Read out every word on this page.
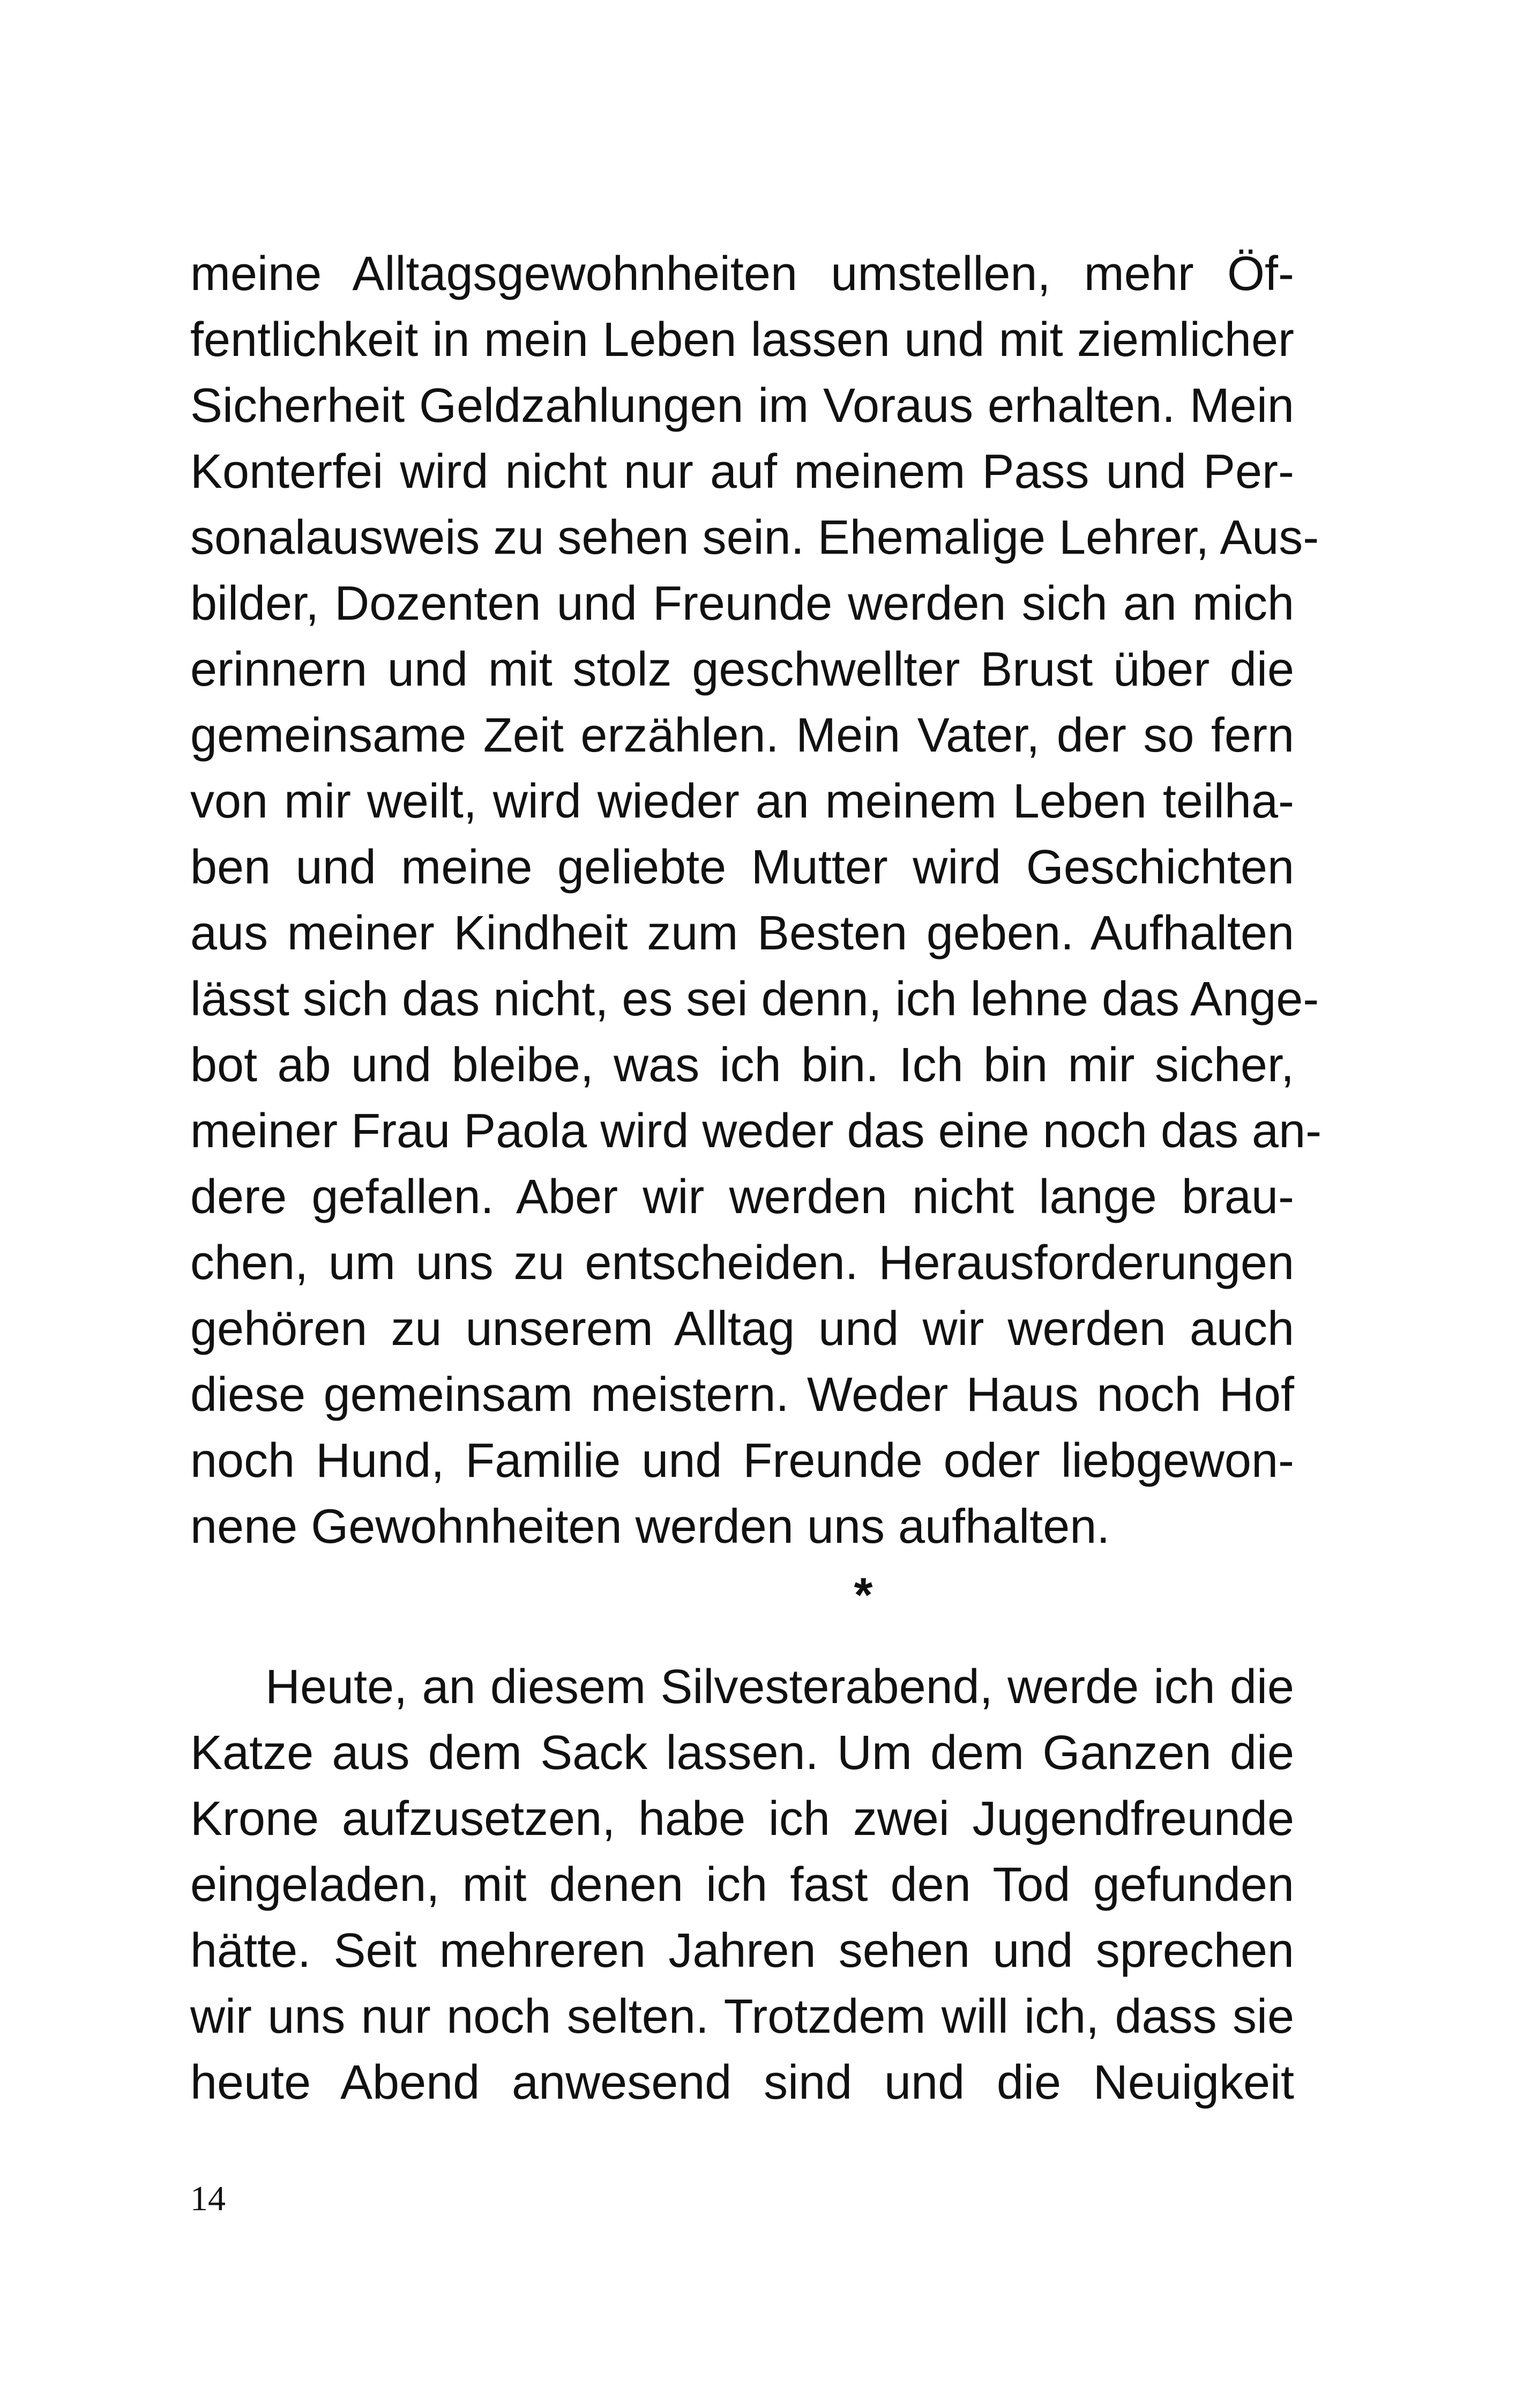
meine Alltagsgewohnheiten umstellen, mehr Öf-
fentlichkeit in mein Leben lassen und mit ziemlicher
Sicherheit Geldzahlungen im Voraus erhalten. Mein
Konterfei wird nicht nur auf meinem Pass und Per-
sonalausweis zu sehen sein. Ehemalige Lehrer, Aus-
bilder, Dozenten und Freunde werden sich an mich
erinnern und mit stolz geschwellter Brust über die
gemeinsame Zeit erzählen. Mein Vater, der so fern
von mir weilt, wird wieder an meinem Leben teilha-
ben und meine geliebte Mutter wird Geschichten
aus meiner Kindheit zum Besten geben. Aufhalten
lässt sich das nicht, es sei denn, ich lehne das Ange-
bot ab und bleibe, was ich bin. Ich bin mir sicher,
meiner Frau Paola wird weder das eine noch das an-
dere gefallen. Aber wir werden nicht lange brau-
chen, um uns zu entscheiden. Herausforderungen
gehören zu unserem Alltag und wir werden auch
diese gemeinsam meistern. Weder Haus noch Hof
noch Hund, Familie und Freunde oder liebgewon-
nene Gewohnheiten werden uns aufhalten.
*
Heute, an diesem Silvesterabend, werde ich die
Katze aus dem Sack lassen. Um dem Ganzen die
Krone aufzusetzen, habe ich zwei Jugendfreunde
eingeladen, mit denen ich fast den Tod gefunden
hätte. Seit mehreren Jahren sehen und sprechen
wir uns nur noch selten. Trotzdem will ich, dass sie
heute Abend anwesend sind und die Neuigkeit
14
